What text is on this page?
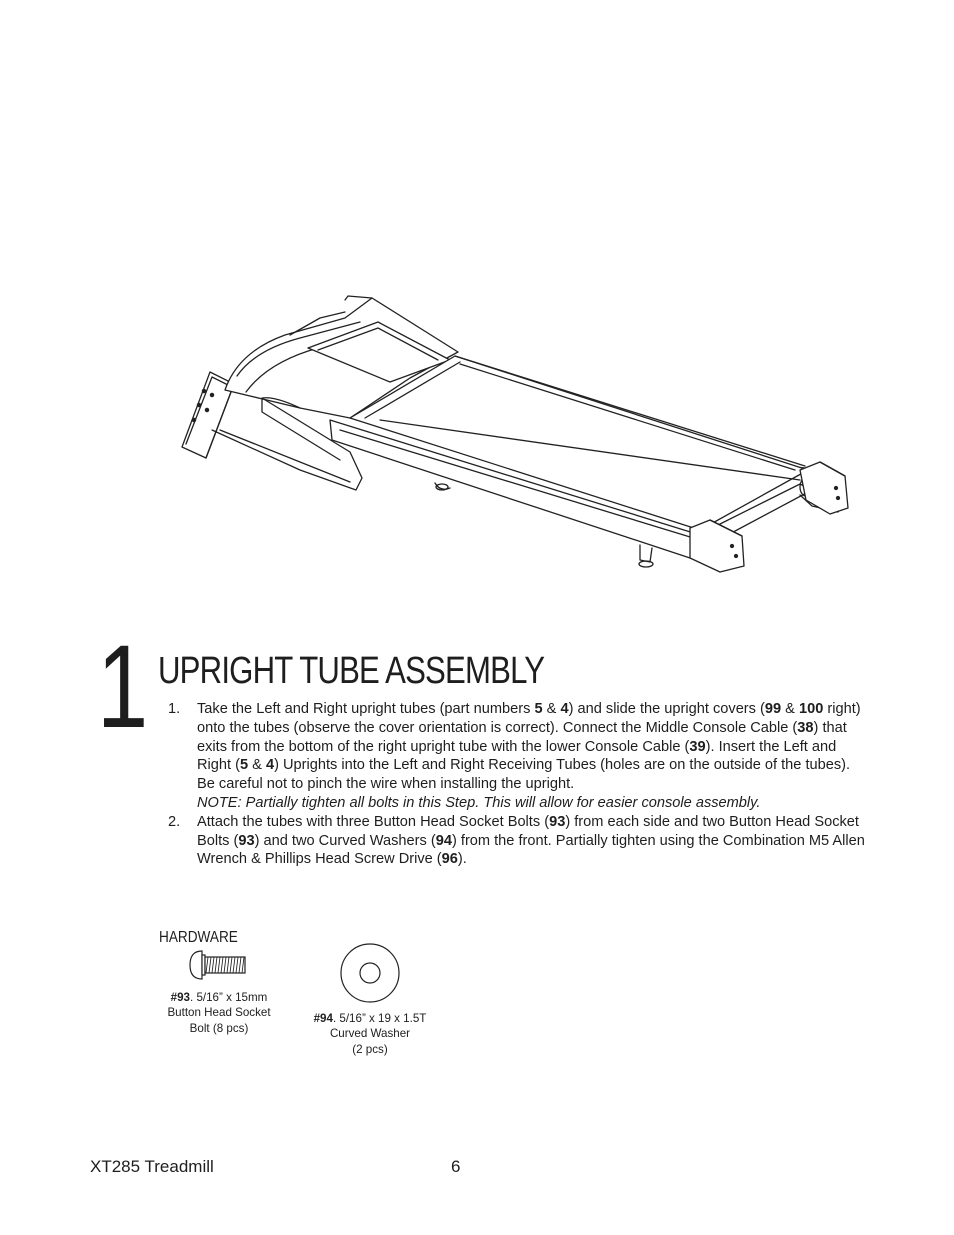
1 UPRIGHT TUBE ASSEMBLY
1. Take the Left and Right upright tubes (part numbers 5 & 4) and slide the upright covers (99 & 100 right) onto the tubes (observe the cover orientation is correct). Connect the Middle Console Cable (38) that exits from the bottom of the right upright tube with the lower Console Cable (39). Insert the Left and Right (5 & 4) Uprights into the Left and Right Receiving Tubes (holes are on the outside of the tubes). Be careful not to pinch the wire when installing the upright.
NOTE: Partially tighten all bolts in this Step. This will allow for easier console assembly.
2. Attach the tubes with three Button Head Socket Bolts (93) from each side and two Button Head Socket Bolts (93) and two Curved Washers (94) from the front. Partially tighten using the Combination M5 Allen Wrench & Phillips Head Screw Drive (96).
HARDWARE
#93. 5/16” x 15mm
Button Head Socket
Bolt (8 pcs)
#94. 5/16” x 19 x 1.5T
Curved Washer
(2 pcs)
XT285 Treadmill	6
